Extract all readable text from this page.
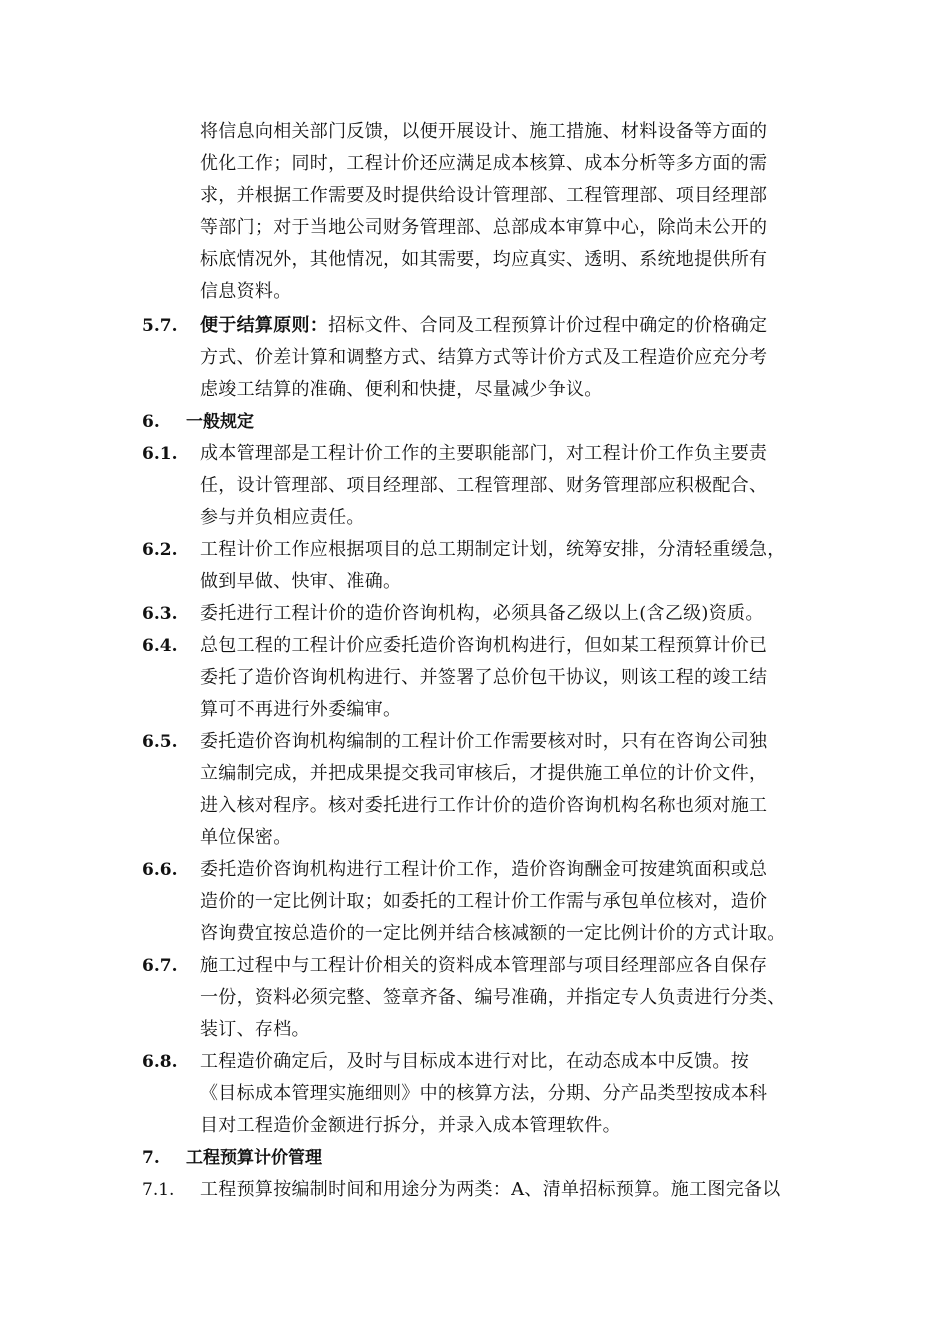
将信息向相关部门反馈，以便开展设计、施工措施、材料设备等方面的
优化工作；同时，工程计价还应满足成本核算、成本分析等多方面的需
求，并根据工作需要及时提供给设计管理部、工程管理部、项目经理部
等部门；对于当地公司财务管理部、总部成本审算中心，除尚未公开的
标底情况外，其他情况，如其需要，均应真实、透明、系统地提供所有
信息资料。
5.7.	便于结算原则：招标文件、合同及工程预算计价过程中确定的价格确定
方式、价差计算和调整方式、结算方式等计价方式及工程造价应充分考
虑竣工结算的准确、便利和快捷，尽量减少争议。
6. 一般规定
6.1.	成本管理部是工程计价工作的主要职能部门，对工程计价工作负主要责
任，设计管理部、项目经理部、工程管理部、财务管理部应积极配合、
参与并负相应责任。
6.2.	工程计价工作应根据项目的总工期制定计划，统筹安排，分清轻重缓急，
做到早做、快审、准确。
6.3.	委托进行工程计价的造价咨询机构，必须具备乙级以上(含乙级)资质。
6.4.	总包工程的工程计价应委托造价咨询机构进行，但如某工程预算计价已
委托了造价咨询机构进行、并签署了总价包干协议，则该工程的竣工结
算可不再进行外委编审。
6.5.	委托造价咨询机构编制的工程计价工作需要核对时，只有在咨询公司独
立编制完成，并把成果提交我司审核后，才提供施工单位的计价文件，
进入核对程序。核对委托进行工作计价的造价咨询机构名称也须对施工
单位保密。
6.6.	委托造价咨询机构进行工程计价工作，造价咨询酬金可按建筑面积或总
造价的一定比例计取；如委托的工程计价工作需与承包单位核对，造价
咨询费宜按总造价的一定比例并结合核减额的一定比例计价的方式计取。
6.7.	施工过程中与工程计价相关的资料成本管理部与项目经理部应各自保存
一份，资料必须完整、签章齐备、编号准确，并指定专人负责进行分类、
装订、存档。
6.8.	工程造价确定后，及时与目标成本进行对比，在动态成本中反馈。按
《目标成本管理实施细则》中的核算方法，分期、分产品类型按成本科
目对工程造价金额进行拆分，并录入成本管理软件。
7. 工程预算计价管理
7.1.	工程预算按编制时间和用途分为两类：A、清单招标预算。施工图完备以
